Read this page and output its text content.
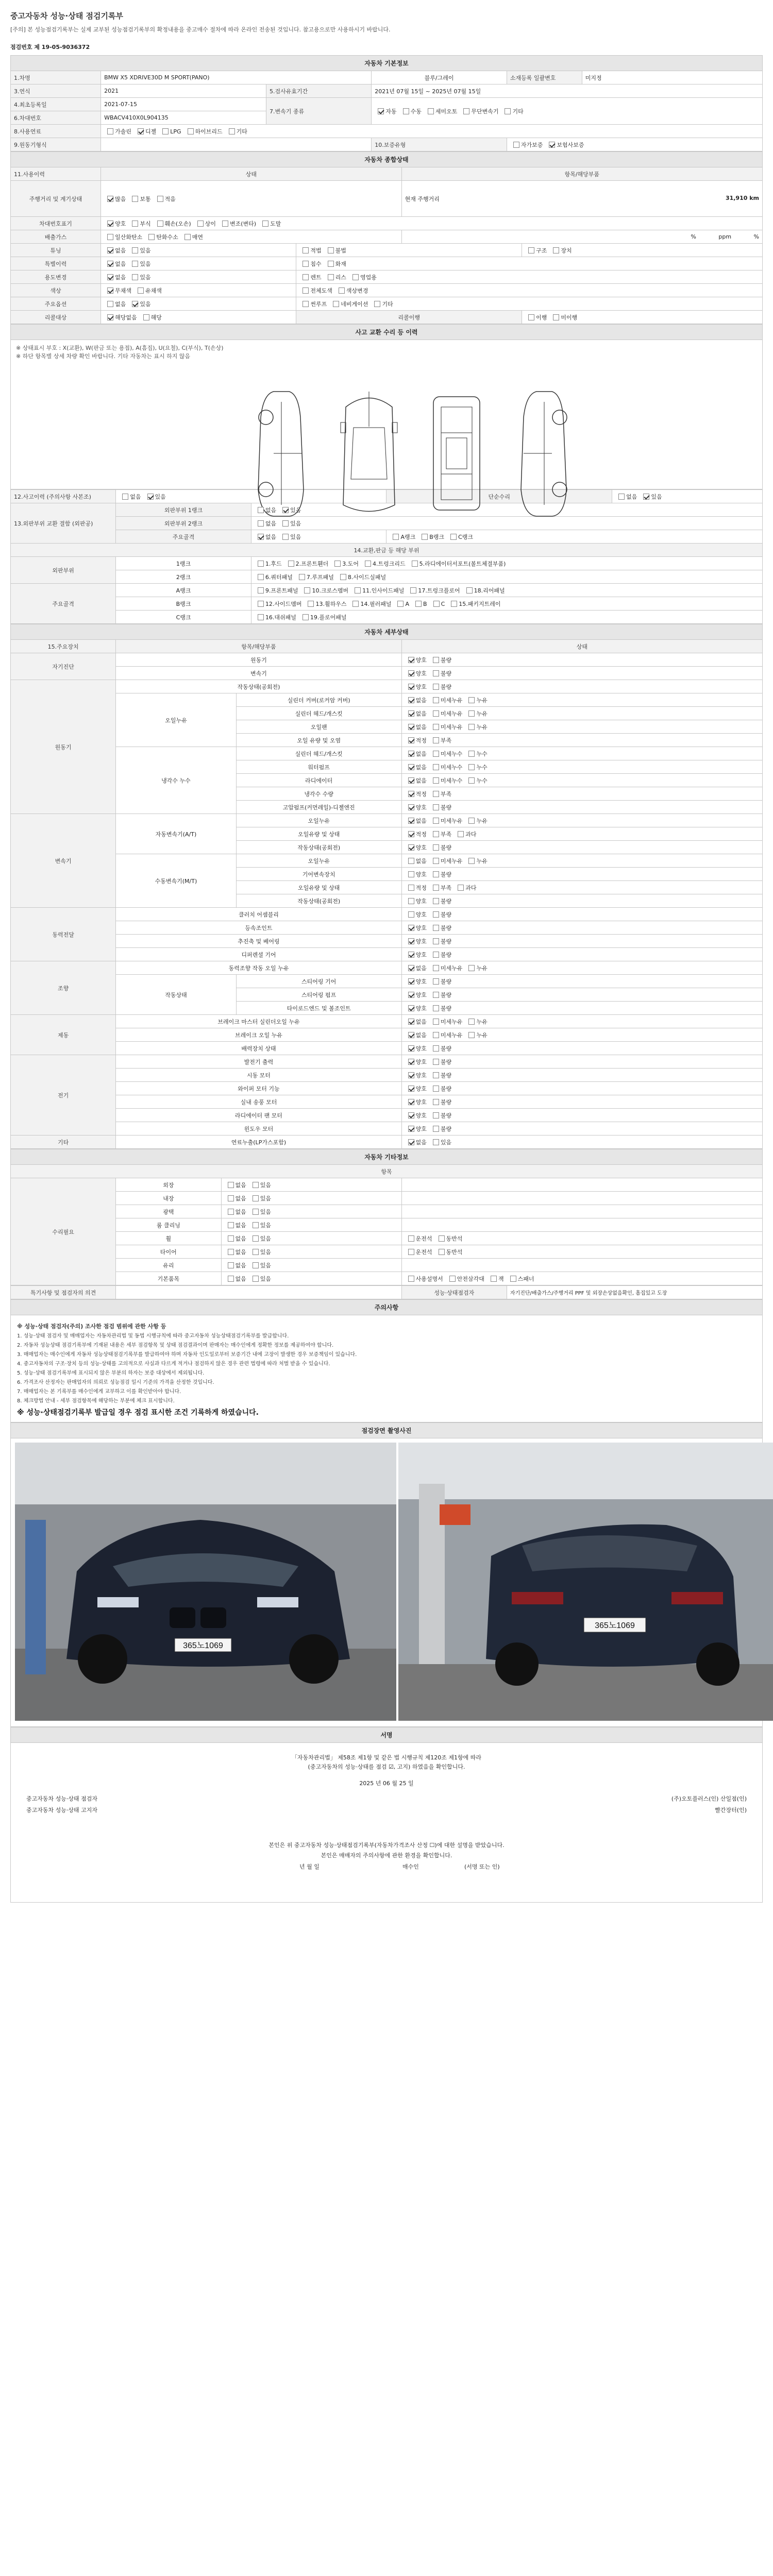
중고자동차 성능·상태 점검기록부
[주의] 본 성능점검기록부는 실제 교부된 성능점검기록부의 확정내용을 중고매수 절차에 따라 온라인 전송된 것입니다. 참고용으로만 사용하시기 바랍니다.
점검번호 제 19-05-9036372
자동차 기본정보					
1.차명	BMW X5 XDRIVE30D M SPORT(PANO)		블루/그레이	소재등록 일괄변호	미지정
3.연식	2021	5.검사유효기간	2021년 07월 15일 ~ 2025년 07월 15일		
4.최초등록일	2021-07-15	7.변속기 종류	자동 수동 세미오토 무단변속기 기타		
6.차대번호	WBACV410X0L904135				
8.사용연료	가솔린 디젤 LPG 하이브리드 기타				
9.원동기형식			10.보증유형	자가보증 보험사보증	
자동차 종합상태				
11.사용이력	상태		항목/해당부품	
주행거리 및 계기상태	많음 보통 적음		현재 주행거리 31,910 km	

차대번호표기	양호 부식 훼손(오손) 상이 변조(변타) 도말			
배출가스	일산화탄소 탄화수소 매연		% ppm %	
튜닝	없음 있음	적법 불법		구조 장치
특별이력	없음 있음	침수 화재		
용도변경	없음 있음	렌트 리스 영업용		
색상	무채색 유채색	전체도색 색상변경		
주요옵션	없음 있음	썬루프 네비게이션 기타		
리콜대상	해당없음 해당	리콜이행		이행 미이행
사고 교환 수리 등 이력
※ 상태표시 부호 : X(교환), W(판금 또는 용접), A(흠집), U(요철), C(부식), T(손상)
※ 하단 항목별 상세 차량 확인 바랍니다. 기타 자동차는 표시 하지 않음
12.사고이력 (주의사항 사본조)	없음 있음		단순수리	없음 있음
13.외판부위 교환 결함 (외판공)	외판부위 1랭크	없음 있음		
	외판부위 2랭크	없음 있음		
	주요골격	없음 있음	A랭크 B랭크 C랭크	
14.교환,판금 등 해당 부위				
외판부위	1랭크	1.후드 2.프론트휀더 3.도어 4.트렁크리드 5.라디에이터서포트(볼트체결부품)		
	2랭크	6.쿼터패널 7.루프패널 8.사이드실패널		
주요골격	A랭크	9.프론트패널 10.크로스멤버 11.인사이드패널 17.트렁크플로어 18.리어패널		
	B랭크	12.사이드멤버 13.휠하우스 14.필러패널 A B C 15.패키지트레이		
	C랭크	16.대쉬패널 19.플로어패널		
자동차 세부상태			
15.주요장치	항목/해당부품		상태
자기진단	원동기		양호 불량
	변속기		양호 불량
원동기	작동상태(공회전)		양호 불량
	오일누유	실린더 커버(로커암 커버)	없음 미세누유 누유
		실린더 헤드/개스킷	없음 미세누유 누유
		오일팬	없음 미세누유 누유
		오일 유량 및 오염	적정 부족
	냉각수 누수	실린더 헤드/개스킷	없음 미세누수 누수
		워터펌프	없음 미세누수 누수
		라디에이터	없음 미세누수 누수
		냉각수 수량	적정 부족
		고압펌프(커먼레일)-디젤엔진	양호 불량
변속기	자동변속기(A/T)	오일누유	없음 미세누유 누유
		오일유량 및 상태	적정 부족 과다
		작동상태(공회전)	양호 불량
	수동변속기(M/T)	오일누유	없음 미세누유 누유
		기어변속장치	양호 불량
		오일유량 및 상태	적정 부족 과다
		작동상태(공회전)	양호 불량
동력전달	클러치 어셈블리		양호 불량
	등속조인트		양호 불량
	추진축 및 베어링		양호 불량
	디퍼렌셜 기어		양호 불량
조향	동력조향 작동 오일 누유		없음 미세누유 누유
	작동상태	스티어링 기어	양호 불량
		스티어링 펌프	양호 불량
		타이로드엔드 및 볼조인트	양호 불량
제동	브레이크 마스터 실린더오일 누유		없음 미세누유 누유
	브레이크 오일 누유		없음 미세누유 누유
	배력장치 상태		양호 불량
전기	발전기 출력		양호 불량
	시동 모터		양호 불량
	와이퍼 모터 기능		양호 불량
	실내 송풍 모터		양호 불량
	라디에이터 팬 모터		양호 불량
	윈도우 모터		양호 불량
기타	연료누출(LP가스포함)		없음 있음
자동차 기타정보			
항목			
수리필요	외장	없음 있음	
	내장	없음 있음	
	광택	없음 있음	
	룸 클리닝	없음 있음	
	휠	없음 있음	운전석 동반석
	타이어	없음 있음	운전석 동반석
	유리	없음 있음	
	기본품목	없음 있음	사용설명서 안전삼각대 잭 스패너
특기사항 및 점검자의 의견		성능·상태점검자	자기진단/배출가스/주행거리 PPF 및 외장손상없음확인, 흠집있고 도장
주의사항
※ 성능·상태 점검자(주의) 조사한 점검 범위에 관한 사항 등

1. 성능·상태 점검자 및 매매업자는 자동차관리법 및 동법 시행규칙에 따라 중고자동차 성능상태점검기록부를 발급합니다.

2. 자동차 성능상태 점검기록부에 기재된 내용은 세부 점검항목 및 상태 점검결과이며 판매자는 매수인에게 정확한 정보를 제공하여야 합니다.

3. 매매업자는 매수인에게 자동차 성능상태점검기록부를 발급하여야 하며 자동차 인도일로부터 보증기간 내에 고장이 발생한 경우 보증책임이 있습니다.

4. 중고자동차의 구조·장치 등의 성능·상태를 고의적으로 사실과 다르게 적거나 점검하지 않은 경우 관련 법령에 따라 처벌 받을 수 있습니다.

5. 성능·상태 점검기록부에 표시되지 않은 부분의 하자는 보증 대상에서 제외됩니다.

6. 가격조사 산정자는 판매업자의 의뢰로 성능점검 일시 기준의 가격을 산정한 것입니다.

7. 매매업자는 본 기록부를 매수인에게 교부하고 이를 확인받아야 합니다.

8. 체크방법 안내 - 세부 점검항목에 해당하는 부분에 체크 표시합니다.

※ 성능·상태점검기록부 발급일 경우 점검 표시한 조건 기록하게 하였습니다.
점검장면 촬영사진
365노1069
365노1069
서명
「자동차관리법」 제58조 제1항 및 같은 법 시행규칙 제120조 제1항에 따라
(중고자동차의 성능·상태를 점검 ☑, 고지) 하였음을 확인합니다.
2025 년 06 월 25 일
중고자동차 성능·상태 점검자	(주)오토플러스(인) 산일점(인)
중고자동차 성능·상태 고지자	빨간장터(인)
본인은 위 중고자동차 성능·상태점검기록부(자동차가격조사 산정 ☐)에 대한 설명을 받았습니다.
본인은 매매자의 주의사항에 관한 환경을 확인합니다.
년 월 일	매수인	(서명 또는 인)
